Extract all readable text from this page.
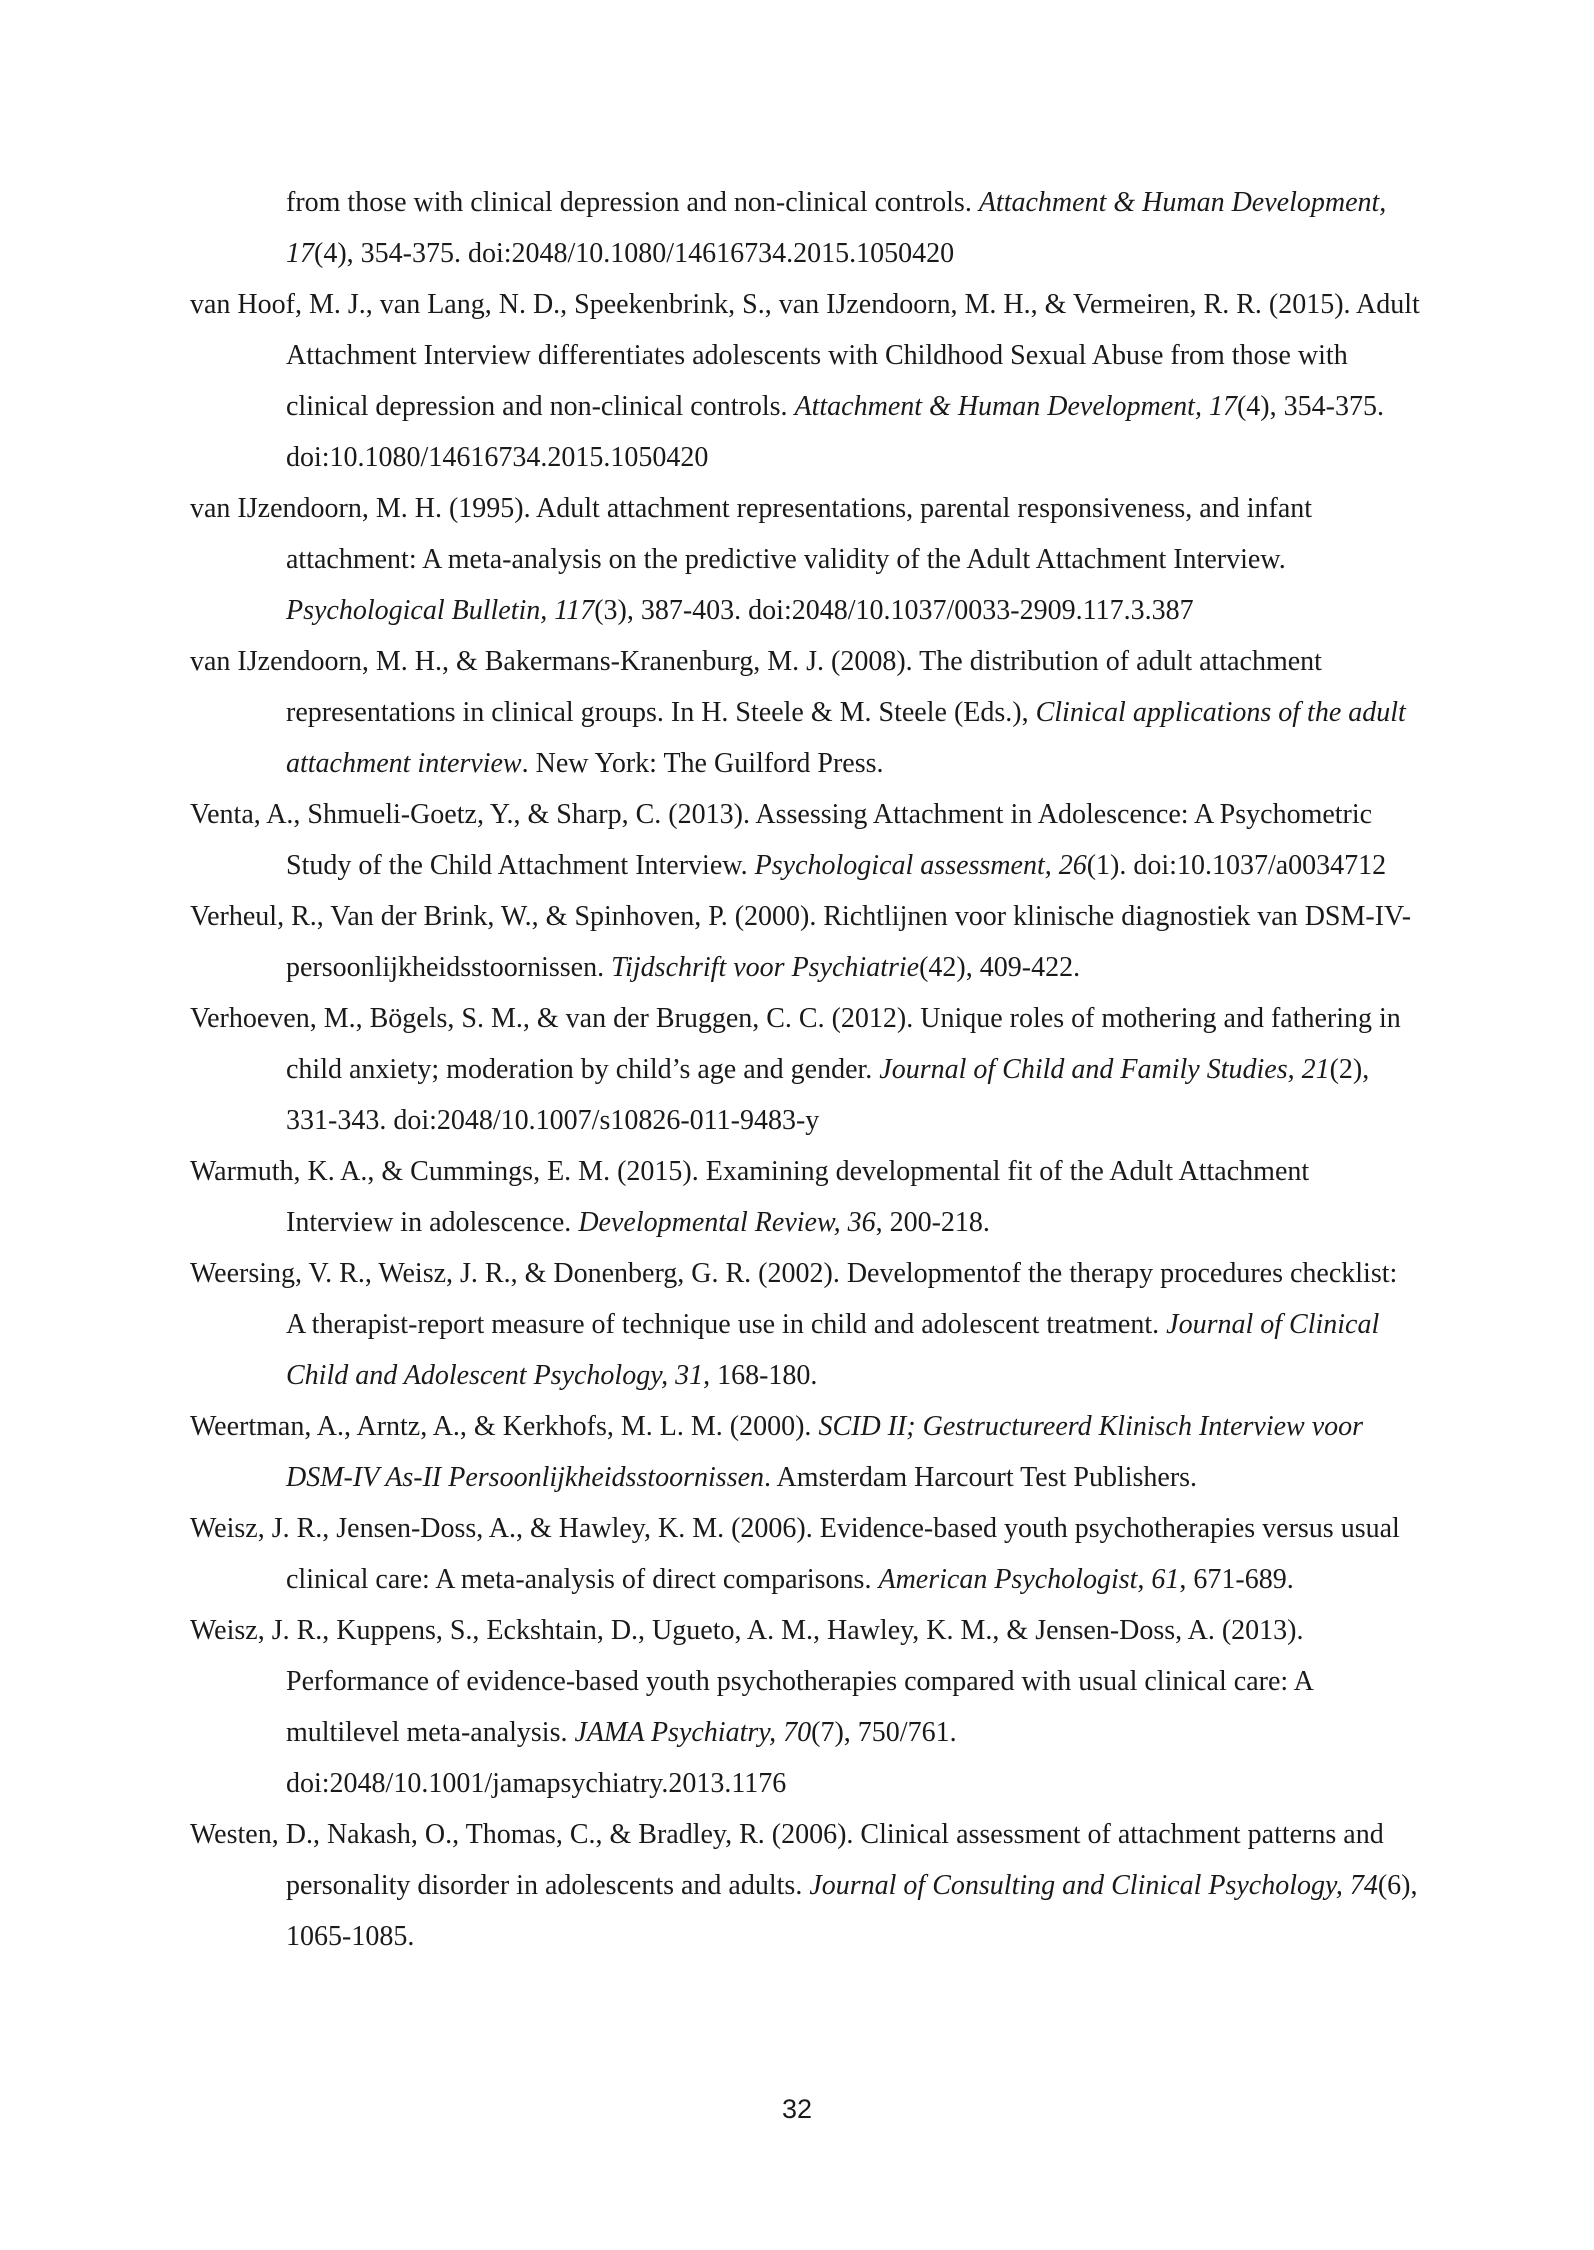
from those with clinical depression and non-clinical controls. Attachment & Human Development, 17(4), 354-375. doi:2048/10.1080/14616734.2015.1050420

van Hoof, M. J., van Lang, N. D., Speekenbrink, S., van IJzendoorn, M. H., & Vermeiren, R. R. (2015). Adult Attachment Interview differentiates adolescents with Childhood Sexual Abuse from those with clinical depression and non-clinical controls. Attachment & Human Development, 17(4), 354-375. doi:10.1080/14616734.2015.1050420

van IJzendoorn, M. H. (1995). Adult attachment representations, parental responsiveness, and infant attachment: A meta-analysis on the predictive validity of the Adult Attachment Interview. Psychological Bulletin, 117(3), 387-403. doi:2048/10.1037/0033-2909.117.3.387

van IJzendoorn, M. H., & Bakermans-Kranenburg, M. J. (2008). The distribution of adult attachment representations in clinical groups. In H. Steele & M. Steele (Eds.), Clinical applications of the adult attachment interview. New York: The Guilford Press.

Venta, A., Shmueli-Goetz, Y., & Sharp, C. (2013). Assessing Attachment in Adolescence: A Psychometric Study of the Child Attachment Interview. Psychological assessment, 26(1). doi:10.1037/a0034712

Verheul, R., Van der Brink, W., & Spinhoven, P. (2000). Richtlijnen voor klinische diagnostiek van DSM-IV-persoonlijkheidsstoornissen. Tijdschrift voor Psychiatrie(42), 409-422.

Verhoeven, M., Bögels, S. M., & van der Bruggen, C. C. (2012). Unique roles of mothering and fathering in child anxiety; moderation by child’s age and gender. Journal of Child and Family Studies, 21(2), 331-343. doi:2048/10.1007/s10826-011-9483-y

Warmuth, K. A., & Cummings, E. M. (2015). Examining developmental fit of the Adult Attachment Interview in adolescence. Developmental Review, 36, 200-218.

Weersing, V. R., Weisz, J. R., & Donenberg, G. R. (2002). Developmentof the therapy procedures checklist: A therapist-report measure of technique use in child and adolescent treatment. Journal of Clinical Child and Adolescent Psychology, 31, 168-180.

Weertman, A., Arntz, A., & Kerkhofs, M. L. M. (2000). SCID II; Gestructureerd Klinisch Interview voor DSM-IV As-II Persoonlijkheidsstoornissen. Amsterdam Harcourt Test Publishers.

Weisz, J. R., Jensen-Doss, A., & Hawley, K. M. (2006). Evidence-based youth psychotherapies versus usual clinical care: A meta-analysis of direct comparisons. American Psychologist, 61, 671-689.

Weisz, J. R., Kuppens, S., Eckshtain, D., Ugueto, A. M., Hawley, K. M., & Jensen-Doss, A. (2013). Performance of evidence-based youth psychotherapies compared with usual clinical care: A multilevel meta-analysis. JAMA Psychiatry, 70(7), 750/761. doi:2048/10.1001/jamapsychiatry.2013.1176

Westen, D., Nakash, O., Thomas, C., & Bradley, R. (2006). Clinical assessment of attachment patterns and personality disorder in adolescents and adults. Journal of Consulting and Clinical Psychology, 74(6), 1065-1085.

32
